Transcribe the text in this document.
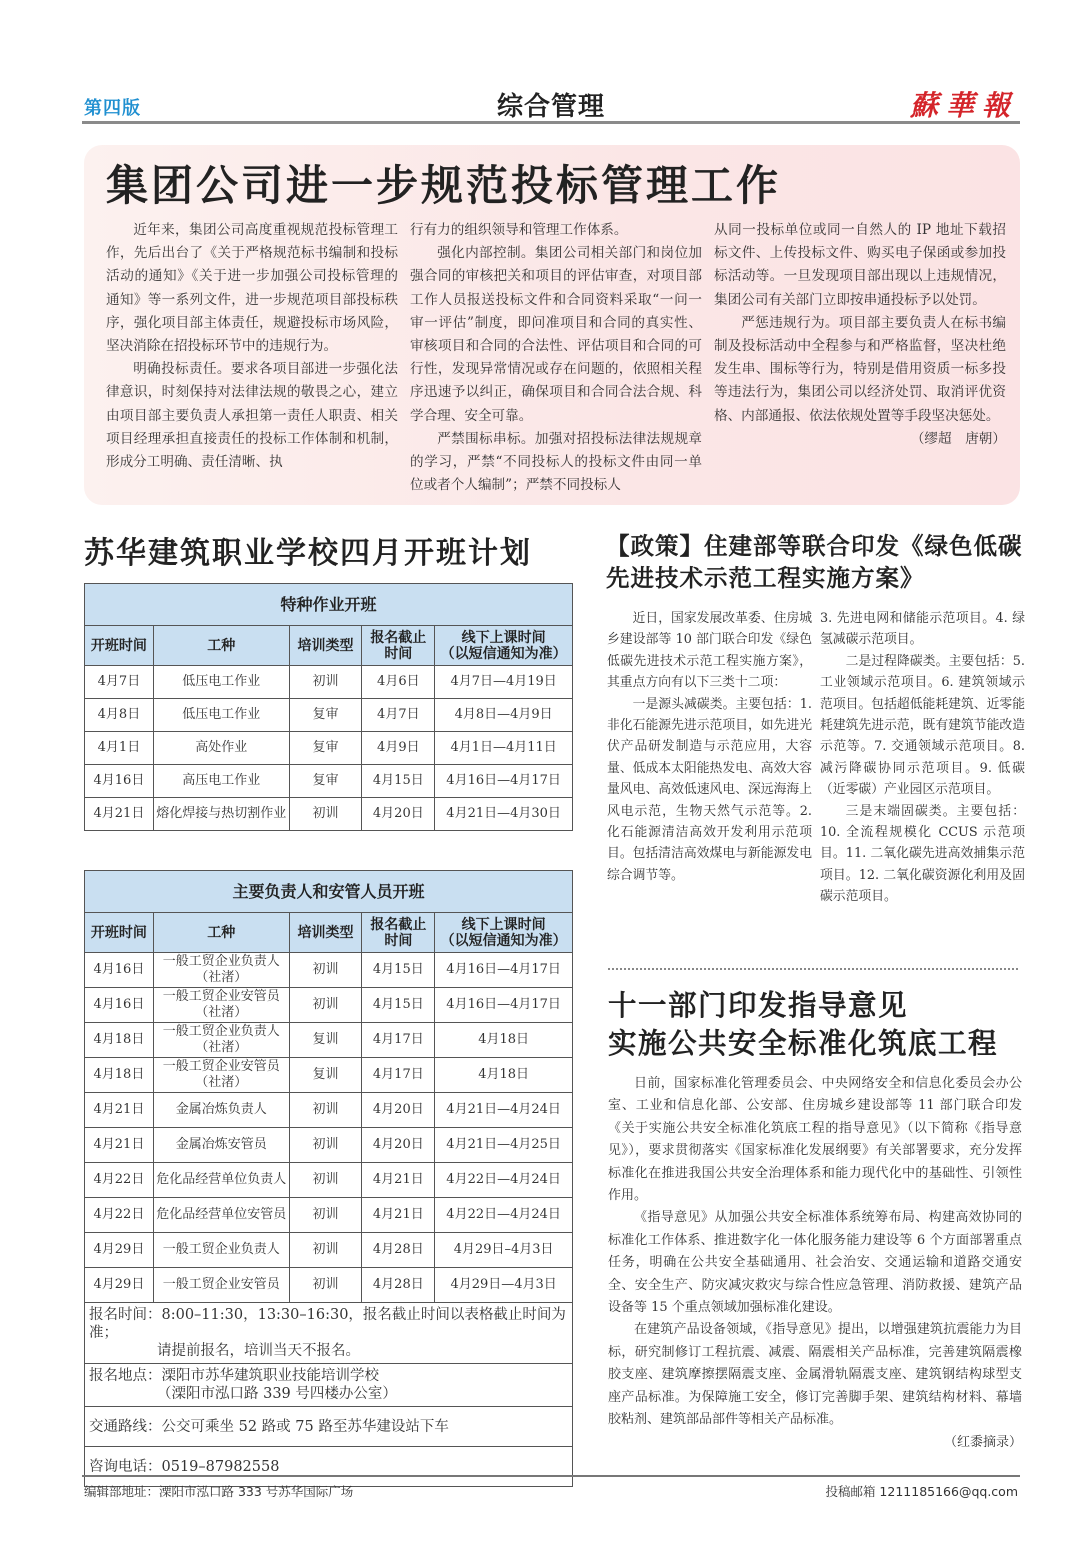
第四版	综合管理	蘇華報
集团公司进一步规范投标管理工作

近年来，集团公司高度重视规范投标管理工作，先后出台了《关于严格规范标书编制和投标活动的通知》《关于进一步加强公司投标管理的通知》等一系列文件，进一步规范项目部投标秩序，强化项目部主体责任，规避投标市场风险，坚决消除在招投标环节中的违规行为。

明确投标责任。要求各项目部进一步强化法律意识，时刻保持对法律法规的敬畏之心，建立由项目部主要负责人承担第一责任人职责、相关项目经理承担直接责任的投标工作体制和机制，形成分工明确、责任清晰、执

行有力的组织领导和管理工作体系。

强化内部控制。集团公司相关部门和岗位加强合同的审核把关和项目的评估审查，对项目部工作人员报送投标文件和合同资料采取“一问一审一评估”制度，即问准项目和合同的真实性、审核项目和合同的合法性、评估项目和合同的可行性，发现异常情况或存在问题的，依照相关程序迅速予以纠正，确保项目和合同合法合规、科学合理、安全可靠。

严禁围标串标。加强对招投标法律法规规章的学习，严禁“不同投标人的投标文件由同一单位或者个人编制”；严禁不同投标人

从同一投标单位或同一自然人的 IP 地址下载招标文件、上传投标文件、购买电子保函或参加投标活动等。一旦发现项目部出现以上违规情况，集团公司有关部门立即按串通投标予以处罚。

严惩违规行为。项目部主要负责人在标书编制及投标活动中全程参与和严格监督，坚决杜绝发生串、围标等行为，特别是借用资质一标多投等违法行为，集团公司以经济处罚、取消评优资格、内部通报、依法依规处置等手段坚决惩处。

（缪超　唐朝）
苏华建筑职业学校四月开班计划
特种作业开班				
开班时间	工种	培训类型	报名截止
时间	线下上课时间
（以短信通知为准）
4月7日	低压电工作业	初训	4月6日	4月7日—4月19日
4月8日	低压电工作业	复审	4月7日	4月8日—4月9日
4月1日	高处作业	复审	4月9日	4月1日—4月11日
4月16日	高压电工作业	复审	4月15日	4月16日—4月17日
4月21日	熔化焊接与热切割作业	初训	4月20日	4月21日—4月30日
主要负责人和安管人员开班				
开班时间	工种	培训类型	报名截止
时间	线下上课时间
（以短信通知为准）
4月16日	一般工贸企业负责人（社渚）	初训	4月15日	4月16日—4月17日
4月16日	一般工贸企业安管员（社渚）	初训	4月15日	4月16日—4月17日
4月18日	一般工贸企业负责人（社渚）	复训	4月17日	4月18日
4月18日	一般工贸企业安管员（社渚）	复训	4月17日	4月18日
4月21日	金属冶炼负责人	初训	4月20日	4月21日—4月24日
4月21日	金属冶炼安管员	初训	4月20日	4月21日—4月25日
4月22日	危化品经营单位负责人	初训	4月21日	4月22日—4月24日
4月22日	危化品经营单位安管员	初训	4月21日	4月22日—4月24日
4月29日	一般工贸企业负责人	初训	4月28日	4月29日–4月3日
4月29日	一般工贸企业安管员	初训	4月28日	4月29日—4月3日
报名时间：8:00–11:30，13:30–16:30，报名截止时间以表格截止时间为准；
请提前报名，培训当天不报名。				

报名地点：溧阳市苏华建筑职业技能培训学校
（溧阳市泓口路 339 号四楼办公室）				

交通路线：公交可乘坐 52 路或 75 路至苏华建设站下车				
咨询电话：0519–87982558				
【政策】住建部等联合印发《绿色低碳先进技术示范工程实施方案》

近日，国家发展改革委、住房城乡建设部等 10 部门联合印发《绿色低碳先进技术示范工程实施方案》，其重点方向有以下三类十二项：

一是源头减碳类。主要包括：1. 非化石能源先进示范项目，如先进光伏产品研发制造与示范应用，大容量、低成本太阳能热发电、高效大容量风电、高效低速风电、深远海海上风电示范，生物天然气示范等。2. 化石能源清洁高效开发利用示范项目。包括清洁高效煤电与新能源发电综合调节等。

3. 先进电网和储能示范项目。4. 绿氢减碳示范项目。

二是过程降碳类。主要包括：5. 工业领域示范项目。6. 建筑领域示范项目。包括超低能耗建筑、近零能耗建筑先进示范，既有建筑节能改造示范等。7. 交通领域示范项目。8. 减污降碳协同示范项目。9. 低碳（近零碳）产业园区示范项目。

三是末端固碳类。主要包括：10. 全流程规模化 CCUS 示范项目。11. 二氧化碳先进高效捕集示范项目。12. 二氧化碳资源化利用及固碳示范项目。

十一部门印发指导意见
实施公共安全标准化筑底工程

日前，国家标准化管理委员会、中央网络安全和信息化委员会办公室、工业和信息化部、公安部、住房城乡建设部等 11 部门联合印发《关于实施公共安全标准化筑底工程的指导意见》（以下简称《指导意见》），要求贯彻落实《国家标准化发展纲要》有关部署要求，充分发挥标准化在推进我国公共安全治理体系和能力现代化中的基础性、引领性作用。

《指导意见》从加强公共安全标准体系统筹布局、构建高效协同的标准化工作体系、推进数字化一体化服务能力建设等 6 个方面部署重点任务，明确在公共安全基础通用、社会治安、交通运输和道路交通安全、安全生产、防灾减灾救灾与综合性应急管理、消防救援、建筑产品设备等 15 个重点领域加强标准化建设。

在建筑产品设备领域，《指导意见》提出，以增强建筑抗震能力为目标，研究制修订工程抗震、减震、隔震相关产品标准，完善建筑隔震橡胶支座、建筑摩擦摆隔震支座、金属滑轨隔震支座、建筑钢结构球型支座产品标准。为保障施工安全，修订完善脚手架、建筑结构材料、幕墙胶粘剂、建筑部品部件等相关产品标准。

（红黍摘录）
编辑部地址：溧阳市泓口路 333 号苏华国际广场	投稿邮箱 1211185166@qq.com
